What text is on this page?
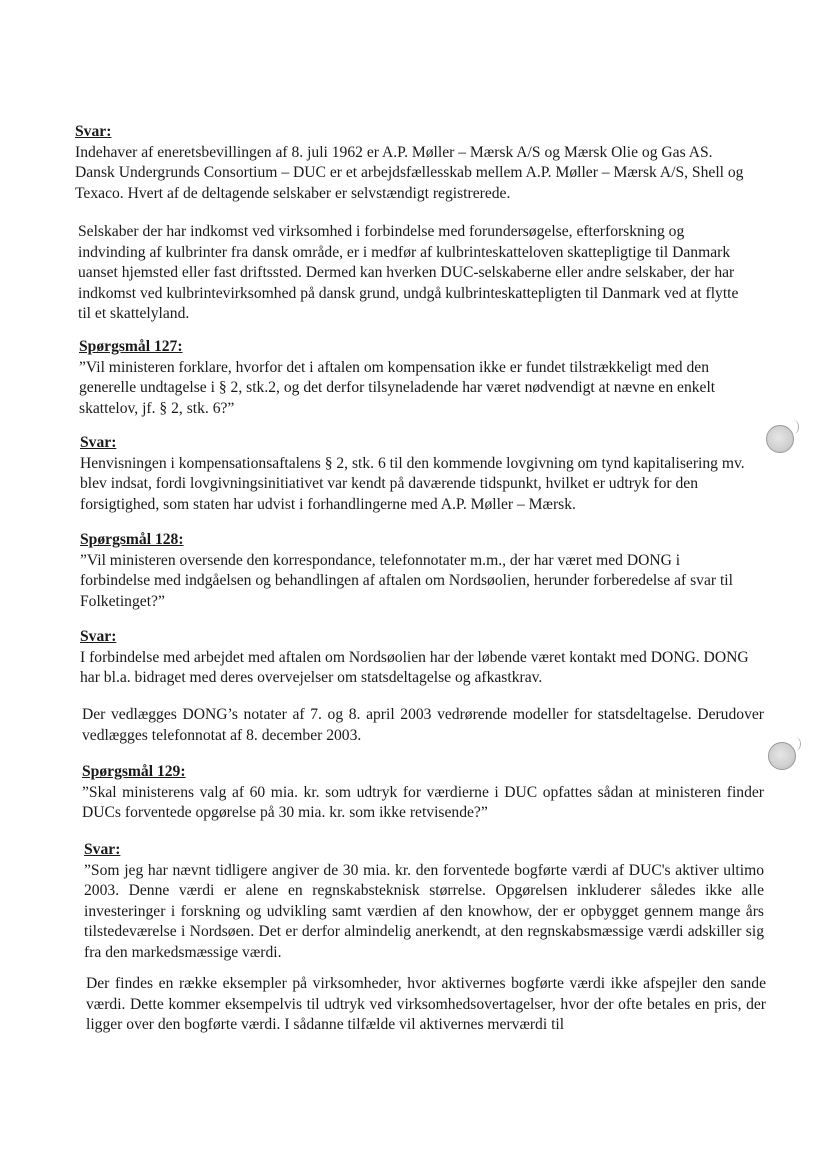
Svar:

Indehaver af eneretsbevillingen af 8. juli 1962 er A.P. Møller – Mærsk A/S og Mærsk Olie og Gas AS. Dansk Undergrunds Consortium – DUC er et arbejdsfællesskab mellem A.P. Møller – Mærsk A/S, Shell og Texaco. Hvert af de deltagende selskaber er selvstændigt registrerede.

Selskaber der har indkomst ved virksomhed i forbindelse med forundersøgelse, efterforskning og indvinding af kulbrinter fra dansk område, er i medfør af kulbrinteskatteloven skattepligtige til Danmark uanset hjemsted eller fast driftssted. Dermed kan hverken DUC-selskaberne eller andre selskaber, der har indkomst ved kulbrintevirksomhed på dansk grund, undgå kulbrinteskattepligten til Danmark ved at flytte til et skattelyland.

Spørgsmål 127:

”Vil ministeren forklare, hvorfor det i aftalen om kompensation ikke er fundet tilstrækkeligt med den generelle undtagelse i § 2, stk.2, og det derfor tilsyneladende har været nødvendigt at nævne en enkelt skattelov, jf. § 2, stk. 6?”

Svar:

Henvisningen i kompensationsaftalens § 2, stk. 6 til den kommende lovgivning om tynd kapitalisering mv. blev indsat, fordi lovgivningsinitiativet var kendt på daværende tidspunkt, hvilket er udtryk for den forsigtighed, som staten har udvist i forhandlingerne med A.P. Møller – Mærsk.

Spørgsmål 128:

”Vil ministeren oversende den korrespondance, telefonnotater m.m., der har været med DONG i forbindelse med indgåelsen og behandlingen af aftalen om Nordsøolien, herunder forberedelse af svar til Folketinget?”

Svar:

I forbindelse med arbejdet med aftalen om Nordsøolien har der løbende været kontakt med DONG. DONG har bl.a. bidraget med deres overvejelser om statsdeltagelse og afkastkrav.

Der vedlægges DONG’s notater af 7. og 8. april 2003 vedrørende modeller for statsdeltagelse. Derudover vedlægges telefonnotat af 8. december 2003.

Spørgsmål 129:

”Skal ministerens valg af 60 mia. kr. som udtryk for værdierne i DUC opfattes sådan at ministeren finder DUCs forventede opgørelse på 30 mia. kr. som ikke retvisende?”

Svar:

”Som jeg har nævnt tidligere angiver de 30 mia. kr. den forventede bogførte værdi af DUC's aktiver ultimo 2003. Denne værdi er alene en regnskabsteknisk størrelse. Opgørelsen inkluderer således ikke alle investeringer i forskning og udvikling samt værdien af den knowhow, der er opbygget gennem mange års tilstedeværelse i Nordsøen. Det er derfor almindelig anerkendt, at den regnskabsmæssige værdi adskiller sig fra den markedsmæssige værdi.

Der findes en række eksempler på virksomheder, hvor aktivernes bogførte værdi ikke afspejler den sande værdi. Dette kommer eksempelvis til udtryk ved virksomhedsovertagelser, hvor der ofte betales en pris, der ligger over den bogførte værdi. I sådanne tilfælde vil aktivernes merværdi til
